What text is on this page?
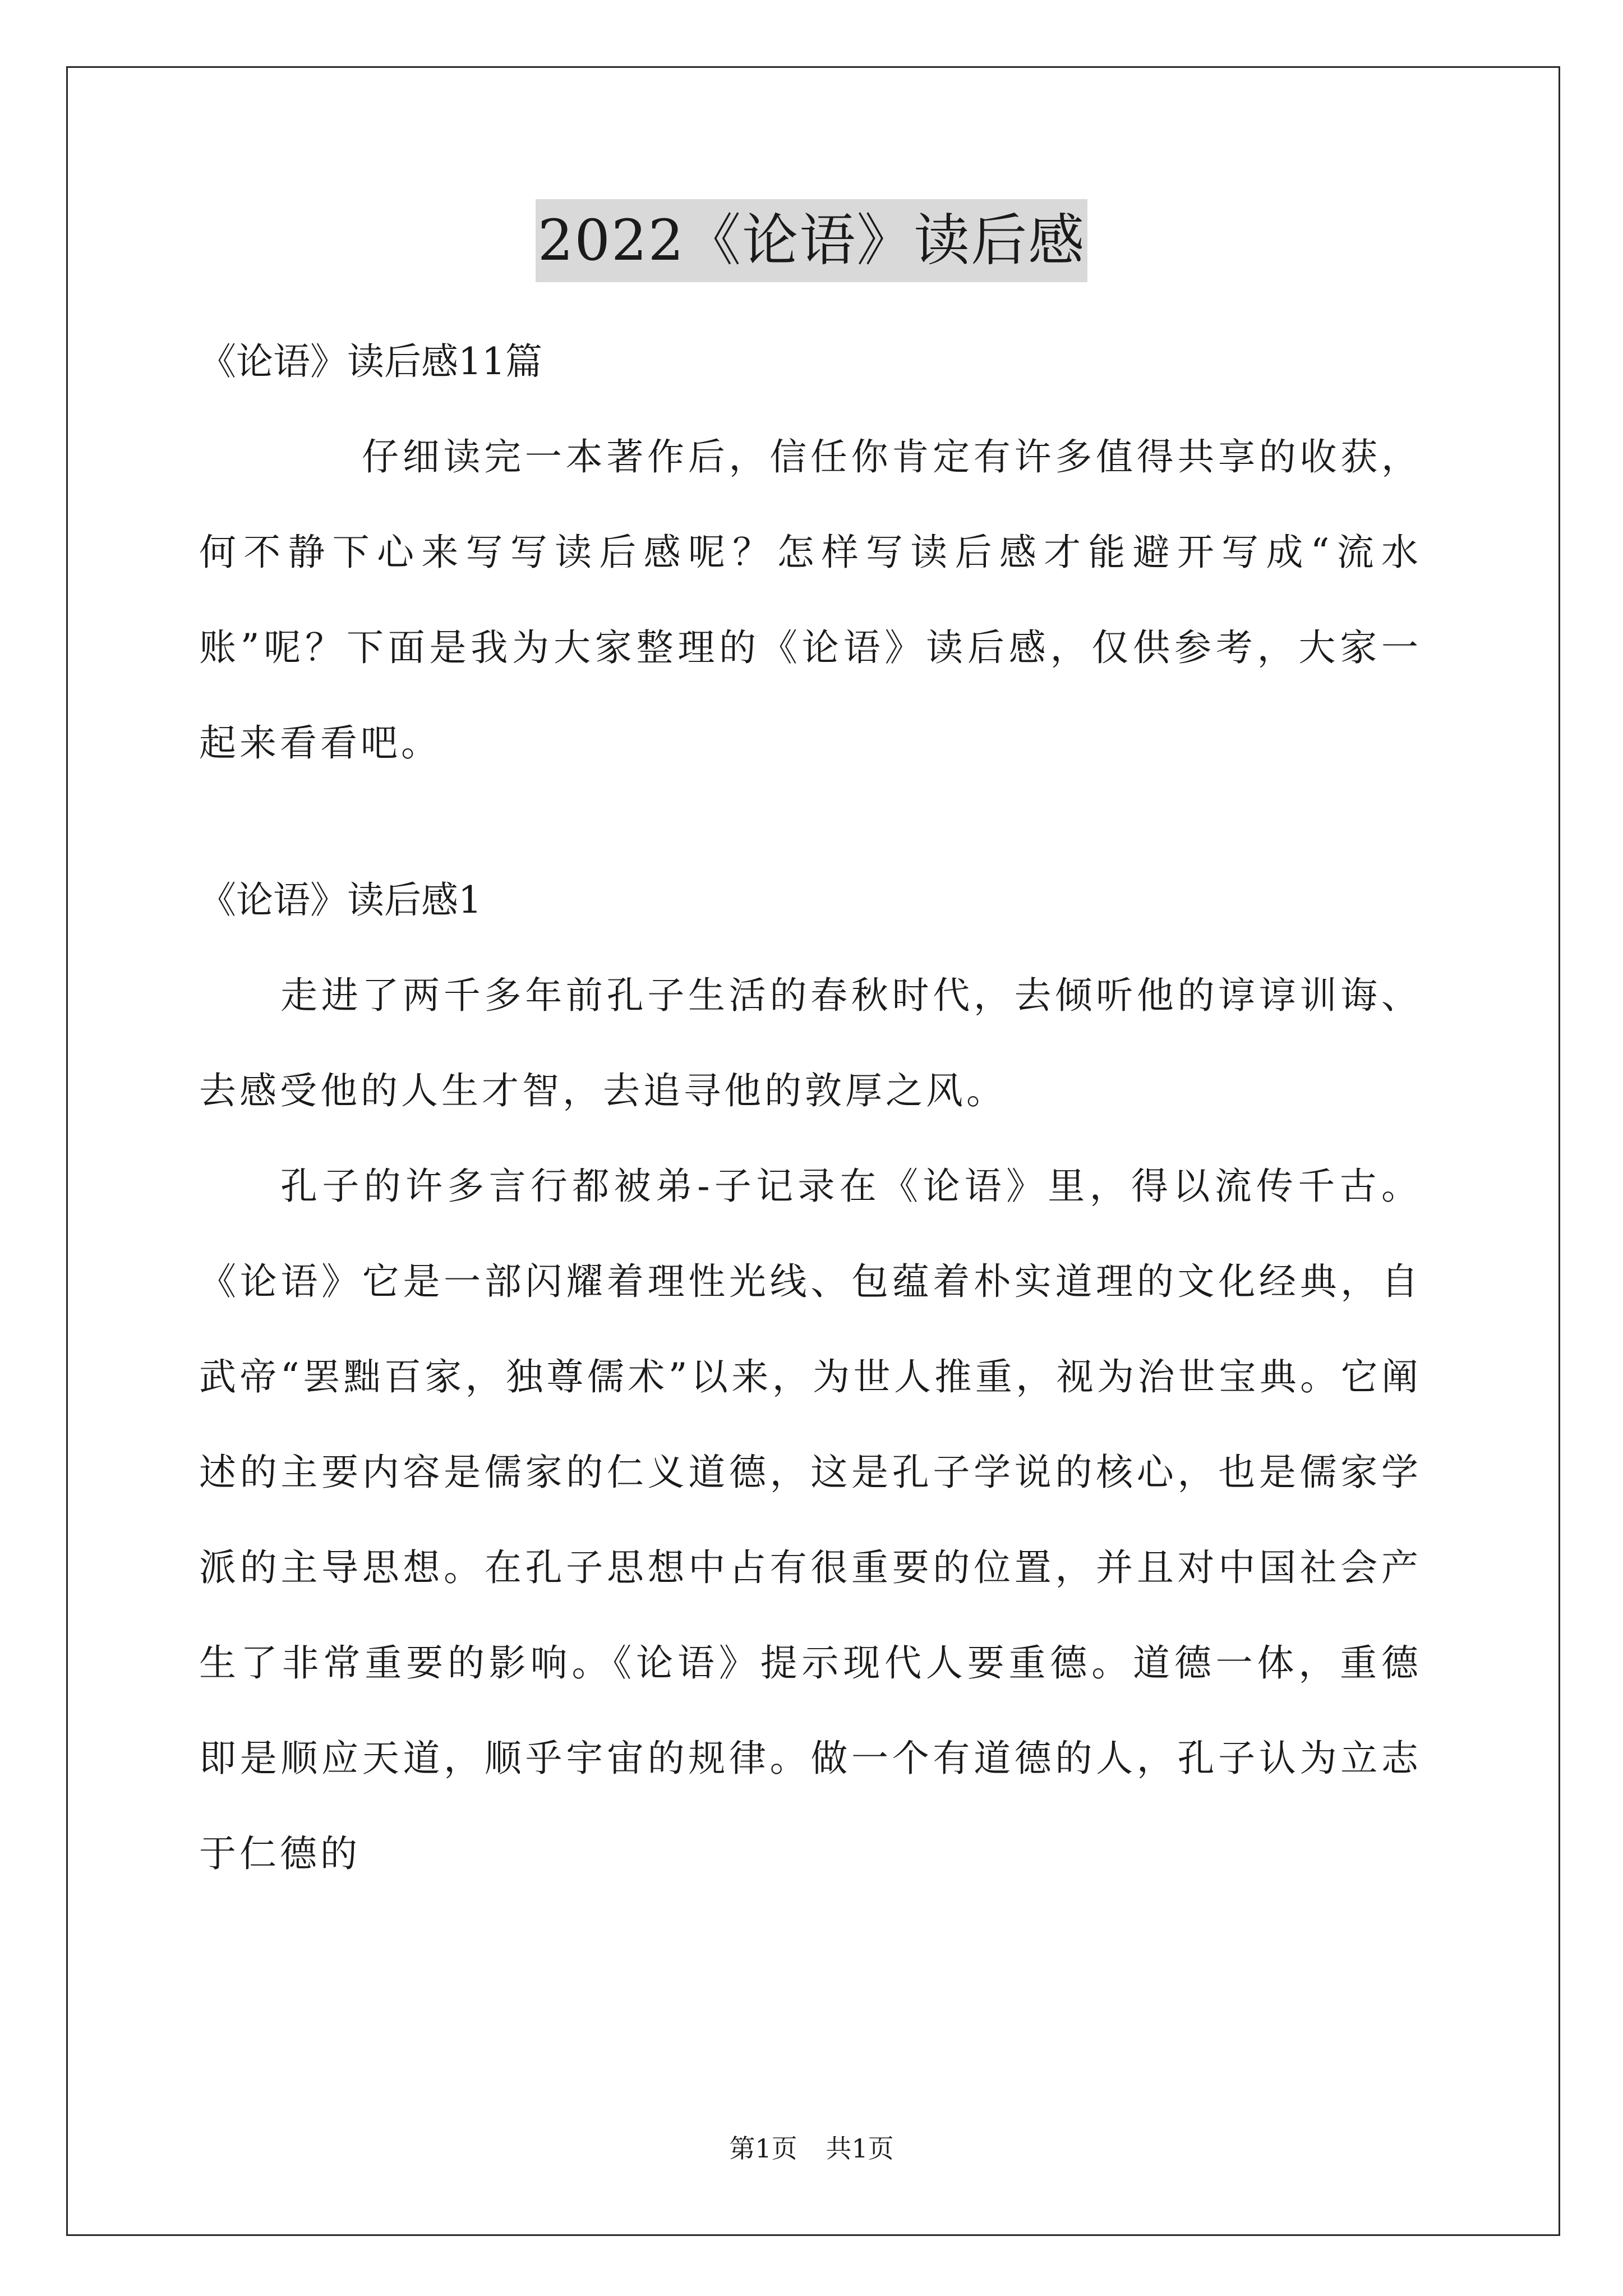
2022《论语》读后感

《论语》读后感11篇

仔细读完一本著作后，信任你肯定有许多值得共享的收获，何不静下心来写写读后感呢？怎样写读后感才能避开写成“流水账”呢？下面是我为大家整理的《论语》读后感，仅供参考，大家一起来看看吧。

《论语》读后感1

走进了两千多年前孔子生活的春秋时代，去倾听他的谆谆训诲、去感受他的人生才智，去追寻他的敦厚之风。

孔子的许多言行都被弟-子记录在《论语》里，得以流传千古。《论语》它是一部闪耀着理性光线、包蕴着朴实道理的文化经典，自武帝“罢黜百家，独尊儒术”以来，为世人推重，视为治世宝典。它阐述的主要内容是儒家的仁义道德，这是孔子学说的核心，也是儒家学派的主导思想。在孔子思想中占有很重要的位置，并且对中国社会产生了非常重要的影响。《论语》提示现代人要重德。道德一体，重德即是顺应天道，顺乎宇宙的规律。做一个有道德的人，孔子认为立志于仁德的

第1页 共1页
